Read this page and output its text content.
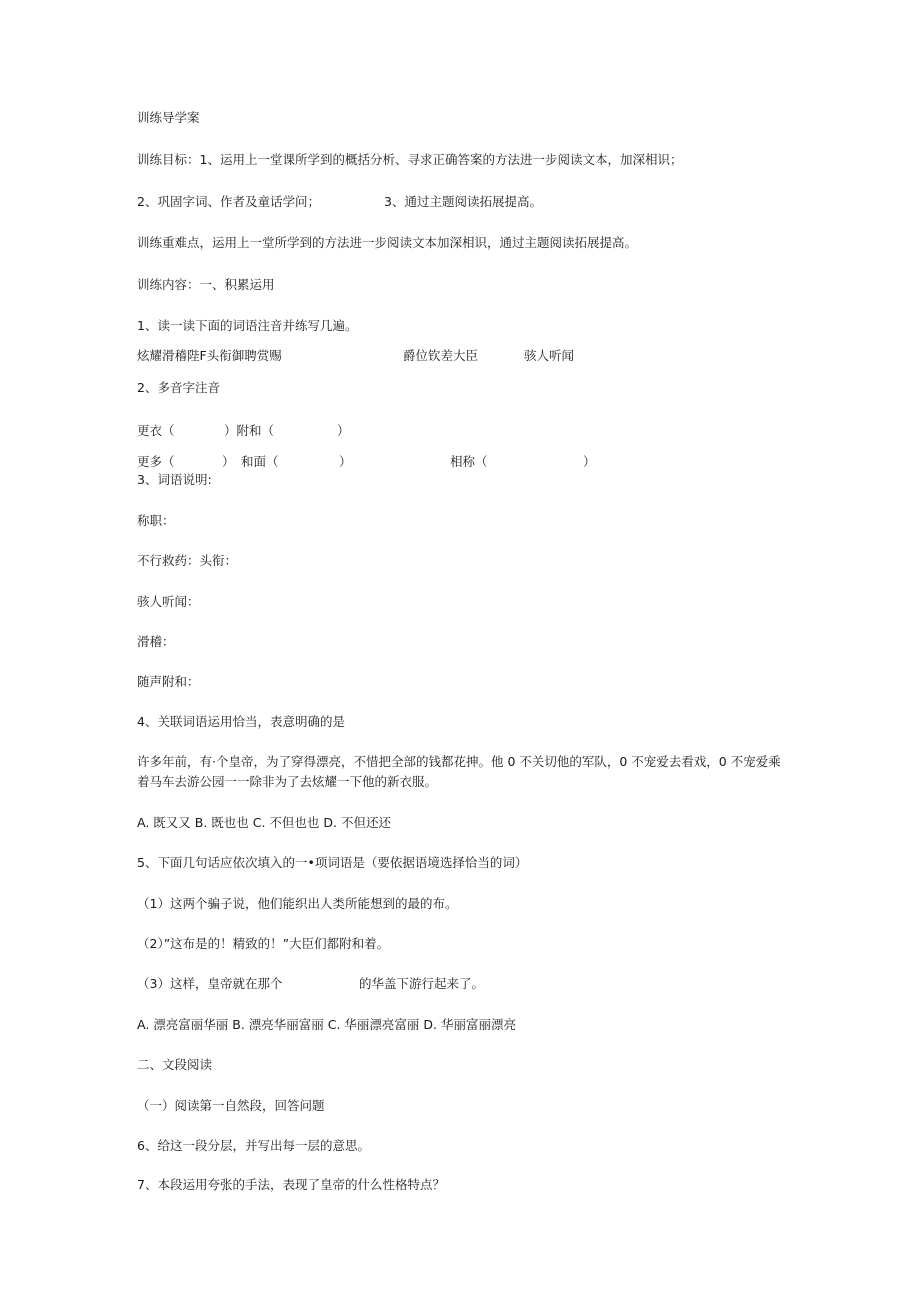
训练导学案
训练目标：1、运用上一堂课所学到的概括分析、寻求正确答案的方法进一步阅读文本，加深相识；
2、巩固字词、作者及童话学问；	3、通过主题阅读拓展提高。
训练重难点，运用上一堂所学到的方法进一步阅读文本加深相识，通过主题阅读拓展提高。
训练内容：一、积累运用
1、读一读下面的词语注音并练写几遍。
炫耀滑稽陛F头衔御聘赏赐	爵位钦差大臣	骇人听闻
2、多音字注音
更衣（	）附和（	）
更多（	） 和面（	）	相称（	）
3、词语说明:
称职：
不行救药：头衔：
骇人听闻：
滑稽：
随声附和：
4、关联词语运用恰当，表意明确的是
许多年前，有·个皇帝，为了穿得漂亮，不惜把全部的钱都花抻。他 0 不关切他的军队，0 不宠爱去看戏，0 不宠爱乘着马车去游公园一一除非为了去炫耀一下他的新衣服。
A. 既又又 B. 既也也 C. 不但也也 D. 不但还还
5、下面几句话应依次填入的一•项词语是（要依据语境选择恰当的词）
（1）这两个骗子说，他们能织出人类所能想到的最的布。
（2）”这布是的！精致的！”大臣们都附和着。
（3）这样，皇帝就在那个	的华盖下游行起来了。
A. 漂亮富丽华丽 B. 漂亮华丽富丽 C. 华丽漂亮富丽 D. 华丽富丽漂亮
二、文段阅读
（一）阅读第一自然段，回答问题
6、给这一段分层，并写出每一层的意思。
7、本段运用夸张的手法，表现了皇帝的什么性格特点？
